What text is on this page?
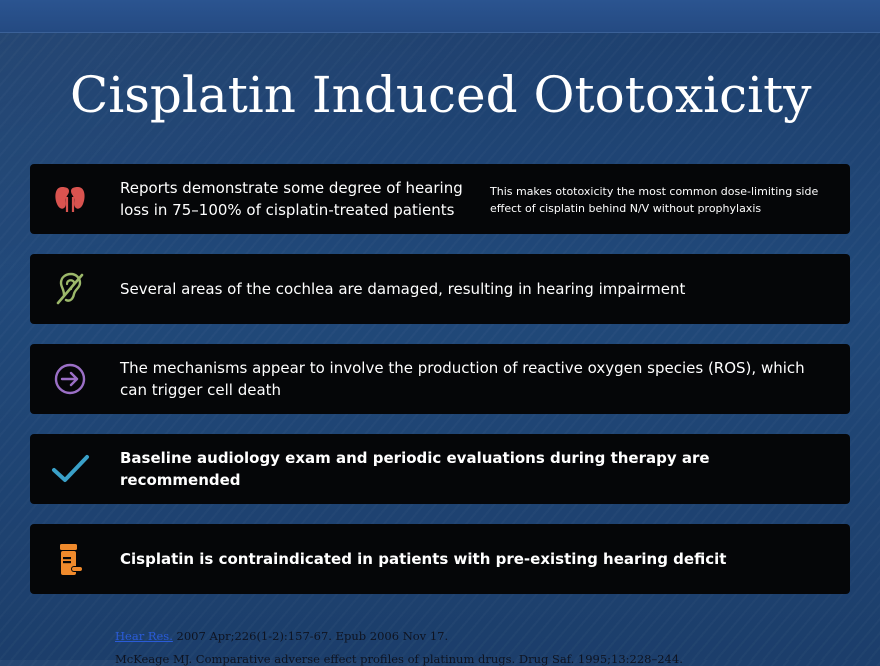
Cisplatin Induced Ototoxicity
Reports demonstrate some degree of hearing loss in 75–100% of cisplatin-treated patients
This makes ototoxicity the most common dose-limiting side effect of cisplatin behind N/V without prophylaxis
Several areas of the cochlea are damaged, resulting in hearing impairment
The mechanisms appear to involve the production of reactive oxygen species (ROS), which can trigger cell death
Baseline audiology exam and periodic evaluations during therapy are recommended
Cisplatin is contraindicated in patients with pre-existing hearing deficit
Hear Res. 2007 Apr;226(1-2):157-67. Epub 2006 Nov 17.
McKeage MJ. Comparative adverse effect profiles of platinum drugs. Drug Saf. 1995;13:228–244.
